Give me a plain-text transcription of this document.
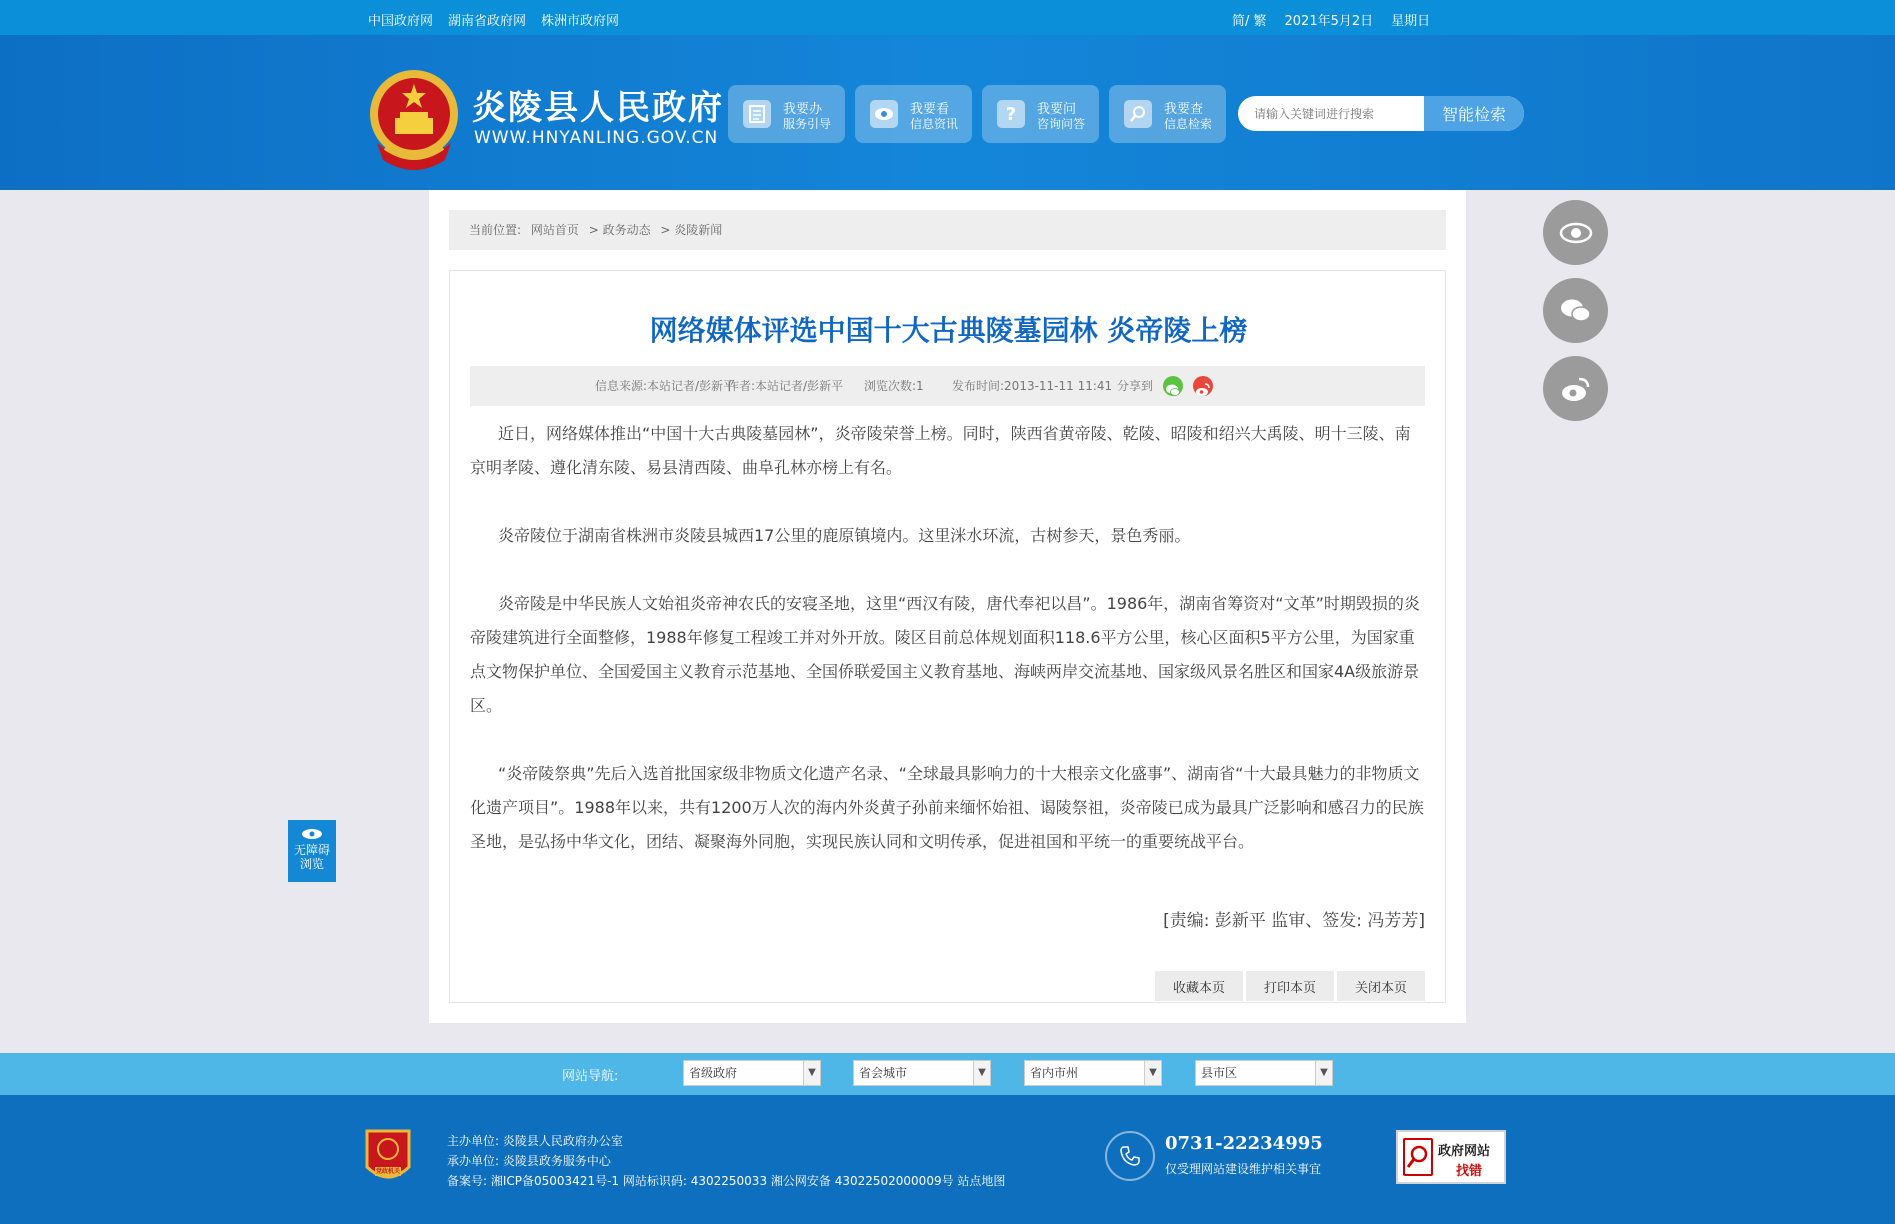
中国政府网 湖南省政府网 株洲市政府网	简/ 繁 2021年5月2日 星期日
炎陵县人民政府
WWW.HNYANLING.GOV.CN
我要办
服务引导
我要看
信息资讯	? 我要问
咨询问答
我要查
信息检索
请输入关键词进行搜索	智能检索
当前位置: 网站首页 > 政务动态 > 炎陵新闻
网络媒体评选中国十大古典陵墓园林 炎帝陵上榜
信息来源:本站记者/彭新平
作者:本站记者/彭新平 浏览次数:1 发布时间:2013-11-11 11:41 分享到

近日，网络媒体推出“中国十大古典陵墓园林”，炎帝陵荣誉上榜。同时，陕西省黄帝陵、乾陵、昭陵和绍兴大禹陵、明十三陵、南京明孝陵、遵化清东陵、易县清西陵、曲阜孔林亦榜上有名。

炎帝陵位于湖南省株洲市炎陵县城西17公里的鹿原镇境内。这里洣水环流，古树参天，景色秀丽。

炎帝陵是中华民族人文始祖炎帝神农氏的安寝圣地，这里“西汉有陵，唐代奉祀以昌”。1986年，湖南省筹资对“文革”时期毁损的炎帝陵建筑进行全面整修，1988年修复工程竣工并对外开放。陵区目前总体规划面积118.6平方公里，核心区面积5平方公里，为国家重点文物保护单位、全国爱国主义教育示范基地、全国侨联爱国主义教育基地、海峡两岸交流基地、国家级风景名胜区和国家4A级旅游景区。

“炎帝陵祭典”先后入选首批国家级非物质文化遗产名录、“全球最具影响力的十大根亲文化盛事”、湖南省“十大最具魅力的非物质文化遗产项目”。1988年以来，共有1200万人次的海内外炎黄子孙前来缅怀始祖、谒陵祭祖，炎帝陵已成为最具广泛影响和感召力的民族圣地，是弘扬中华文化，团结、凝聚海外同胞，实现民族认同和文明传承，促进祖国和平统一的重要统战平台。

[责编: 彭新平 监审、签发: 冯芳芳]
收藏本页	打印本页	关闭本页
无障碍
浏览
网站导航:	省级政府	▼	省会城市	▼	省内市州	▼	县市区	▼
党政机关
主办单位: 炎陵县人民政府办公室
承办单位: 炎陵县政务服务中心
备案号: 湘ICP备05003421号-1 网站标识码: 4302250033 湘公网安备 43022502000009号 站点地图
0731-22234995
仅受理网站建设维护相关事宜
政府网站
找错
